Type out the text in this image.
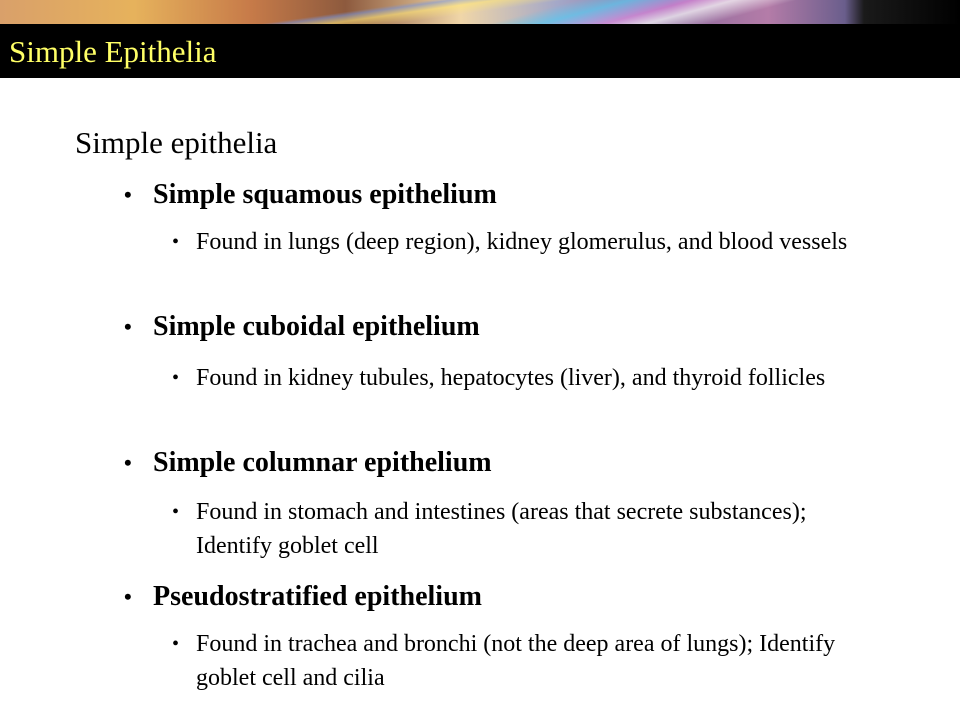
Simple Epithelia
Simple epithelia
• Simple squamous epithelium
• Found in lungs (deep region), kidney glomerulus, and blood vessels
• Simple cuboidal epithelium
• Found in kidney tubules, hepatocytes (liver), and thyroid follicles
• Simple columnar epithelium
• Found in stomach and intestines (areas that secrete substances); Identify goblet cell
• Pseudostratified epithelium
• Found in trachea and bronchi (not the deep area of lungs); Identify goblet cell and cilia
